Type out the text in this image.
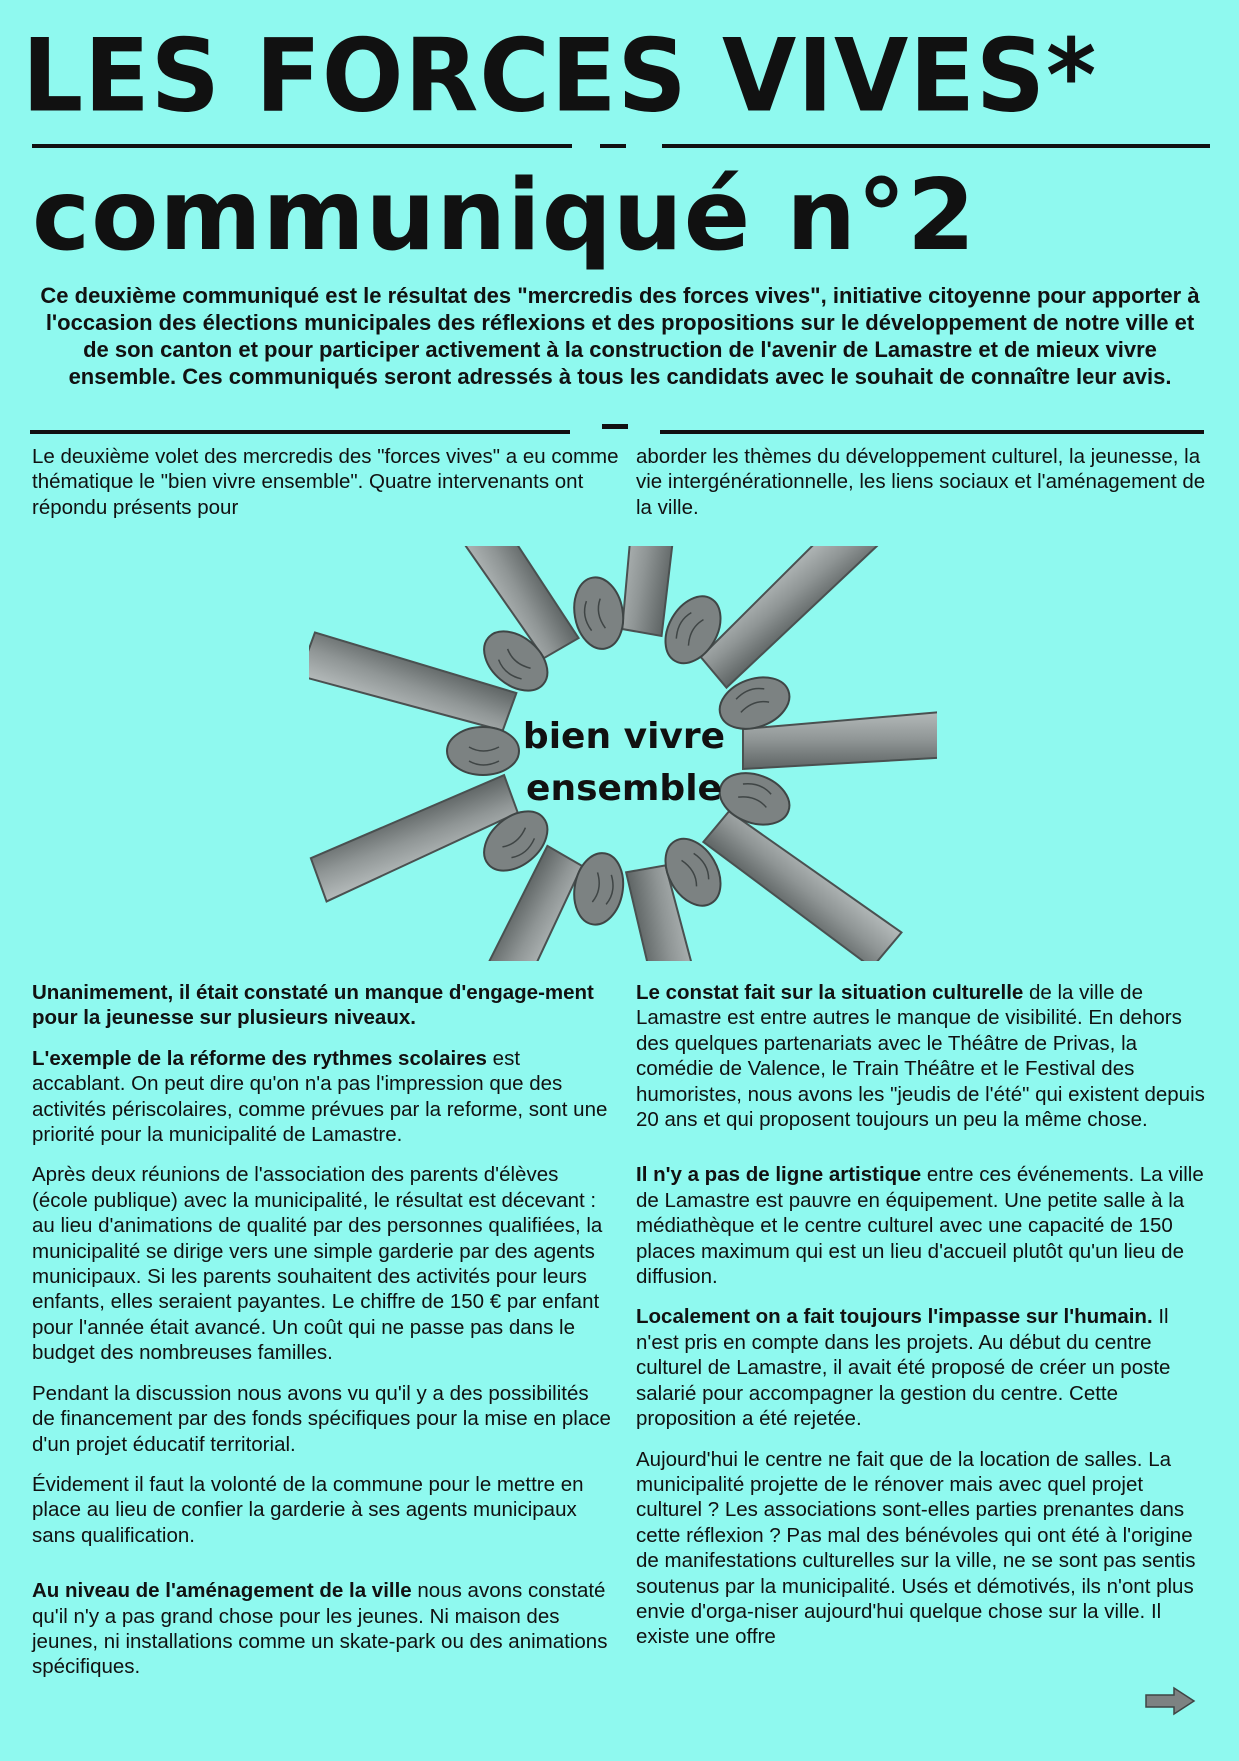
LES FORCES VIVES*
communiqué n°2

Ce deuxième communiqué est le résultat des "mercredis des forces vives", initiative citoyenne pour apporter à l'occasion des élections municipales des réflexions et des propositions sur le développement de notre ville et de son canton et pour participer activement à la construction de l'avenir de Lamastre et de mieux vivre ensemble. Ces communiqués seront adressés à tous les candidats avec le souhait de connaître leur avis.

Le deuxième volet des mercredis des "forces vives" a eu comme thématique le "bien vivre ensemble". Quatre intervenants ont répondu présents pour

aborder les thèmes du développement culturel, la jeunesse, la vie intergénérationnelle, les liens sociaux et l'aménagement de la ville.

bien vivre
ensemble

Unanimement, il était constaté un manque d'engage-ment pour la jeunesse sur plusieurs niveaux.

L'exemple de la réforme des rythmes scolaires est accablant. On peut dire qu'on n'a pas l'impression que des activités périscolaires, comme prévues par la reforme, sont une priorité pour la municipalité de Lamastre.

Après deux réunions de l'association des parents d'élèves (école publique) avec la municipalité, le résultat est décevant : au lieu d'animations de qualité par des personnes qualifiées, la municipalité se dirige vers une simple garderie par des agents municipaux. Si les parents souhaitent des activités pour leurs enfants, elles seraient payantes. Le chiffre de 150 € par enfant pour l'année était avancé. Un coût qui ne passe pas dans le budget des nombreuses familles.

Pendant la discussion nous avons vu qu'il y a des possibilités de financement par des fonds spécifiques pour la mise en place d'un projet éducatif territorial.

Évidement il faut la volonté de la commune pour le mettre en place au lieu de confier la garderie à ses agents municipaux sans qualification.

Au niveau de l'aménagement de la ville nous avons constaté qu'il n'y a pas grand chose pour les jeunes. Ni maison des jeunes, ni installations comme un skate-park ou des animations spécifiques.

Le constat fait sur la situation culturelle de la ville de Lamastre est entre autres le manque de visibilité. En dehors des quelques partenariats avec le Théâtre de Privas, la comédie de Valence, le Train Théâtre et le Festival des humoristes, nous avons les "jeudis de l'été" qui existent depuis 20 ans et qui proposent toujours un peu la même chose.

Il n'y a pas de ligne artistique entre ces événements. La ville de Lamastre est pauvre en équipement. Une petite salle à la médiathèque et le centre culturel avec une capacité de 150 places maximum qui est un lieu d'accueil plutôt qu'un lieu de diffusion.

Localement on a fait toujours l'impasse sur l'humain. Il n'est pris en compte dans les projets. Au début du centre culturel de Lamastre, il avait été proposé de créer un poste salarié pour accompagner la gestion du centre. Cette proposition a été rejetée.

Aujourd'hui le centre ne fait que de la location de salles. La municipalité projette de le rénover mais avec quel projet culturel ? Les associations sont-elles parties prenantes dans cette réflexion ? Pas mal des bénévoles qui ont été à l'origine de manifestations culturelles sur la ville, ne se sont pas sentis soutenus par la municipalité. Usés et démotivés, ils n'ont plus envie d'orga-niser aujourd'hui quelque chose sur la ville. Il existe une offre
